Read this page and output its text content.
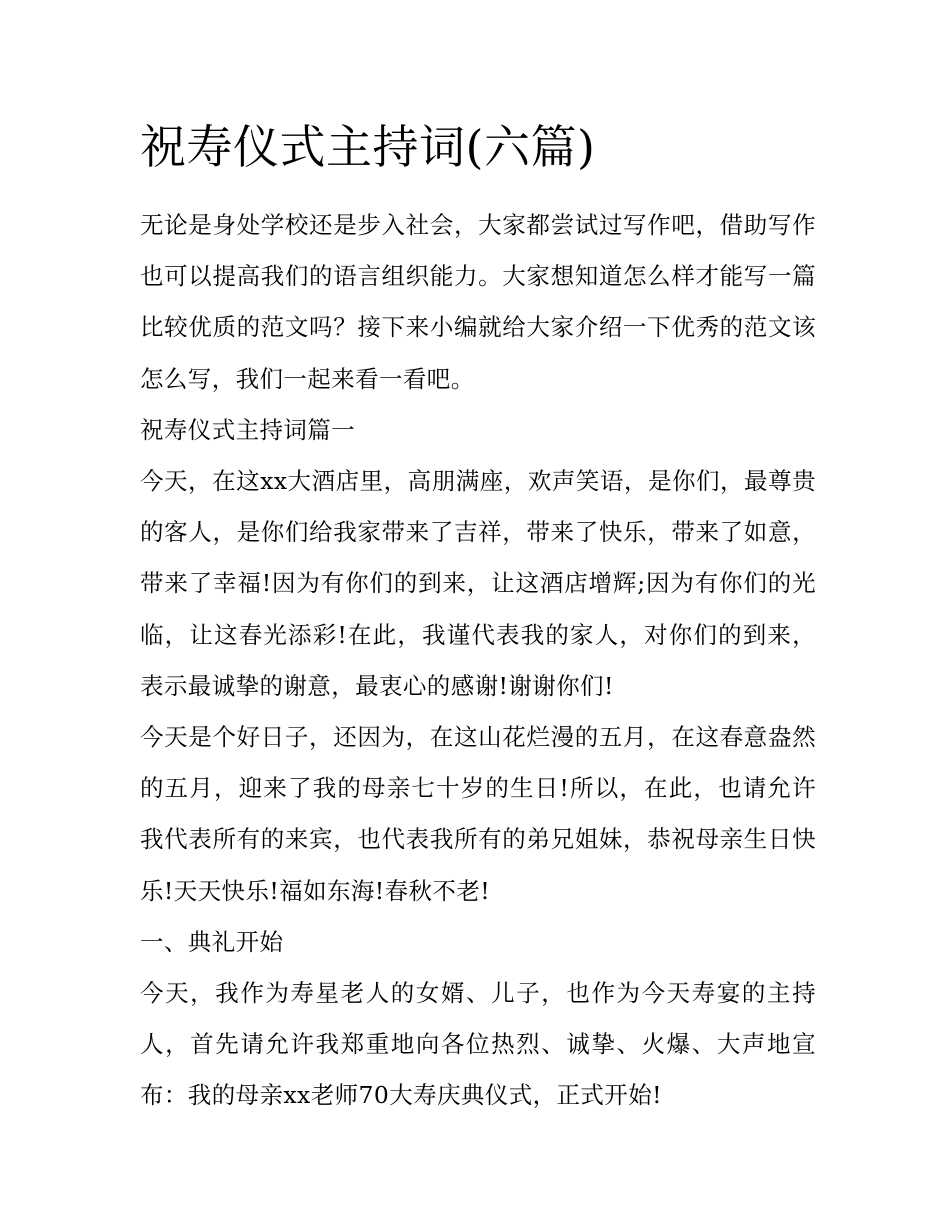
祝寿仪式主持词(六篇)

无论是身处学校还是步入社会，大家都尝试过写作吧，借助写作也可以提高我们的语言组织能力。大家想知道怎么样才能写一篇比较优质的范文吗？接下来小编就给大家介绍一下优秀的范文该怎么写，我们一起来看一看吧。

祝寿仪式主持词篇一

今天，在这xx大酒店里，高朋满座，欢声笑语，是你们，最尊贵的客人，是你们给我家带来了吉祥，带来了快乐，带来了如意，带来了幸福!因为有你们的到来，让这酒店增辉;因为有你们的光临，让这春光添彩!在此，我谨代表我的家人，对你们的到来，表示最诚挚的谢意，最衷心的感谢!谢谢你们!

今天是个好日子，还因为，在这山花烂漫的五月，在这春意盎然的五月，迎来了我的母亲七十岁的生日!所以，在此，也请允许我代表所有的来宾，也代表我所有的弟兄姐妹，恭祝母亲生日快乐!天天快乐!福如东海!春秋不老!

一、典礼开始

今天，我作为寿星老人的女婿、儿子，也作为今天寿宴的主持人，首先请允许我郑重地向各位热烈、诚挚、火爆、大声地宣布：我的母亲xx老师70大寿庆典仪式，正式开始!
